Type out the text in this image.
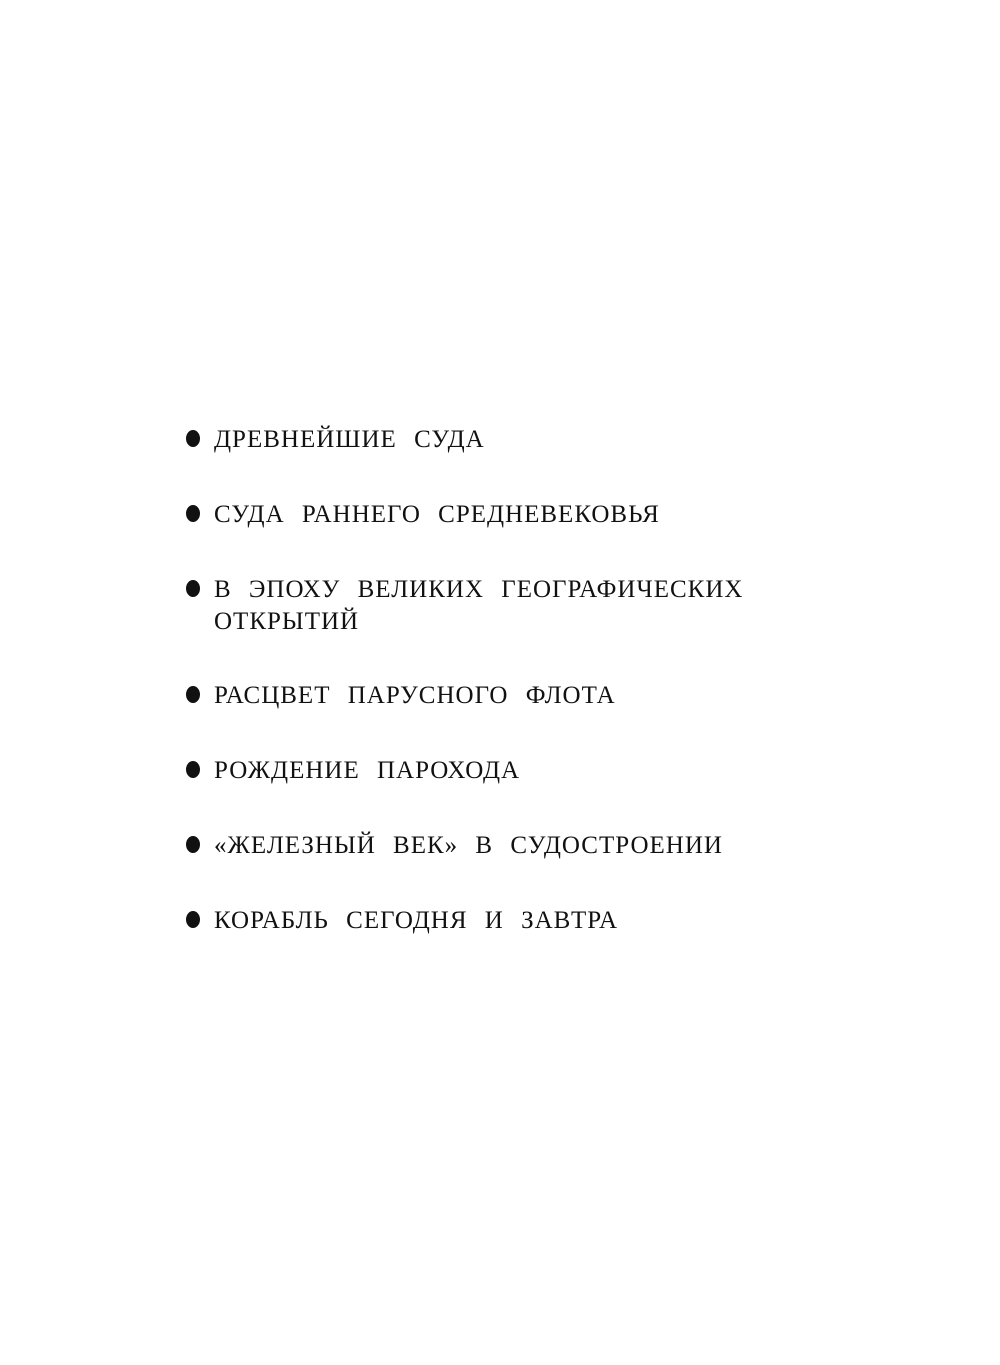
ДРЕВНЕЙШИЕ СУДА
СУДА РАННЕГО СРЕДНЕВЕКОВЬЯ
В ЭПОХУ ВЕЛИКИХ ГЕОГРАФИЧЕСКИХ ОТКРЫТИЙ
РАСЦВЕТ ПАРУСНОГО ФЛОТА
РОЖДЕНИЕ ПАРОХОДА
«ЖЕЛЕЗНЫЙ ВЕК» В СУДОСТРОЕНИИ
КОРАБЛЬ СЕГОДНЯ И ЗАВТРА
